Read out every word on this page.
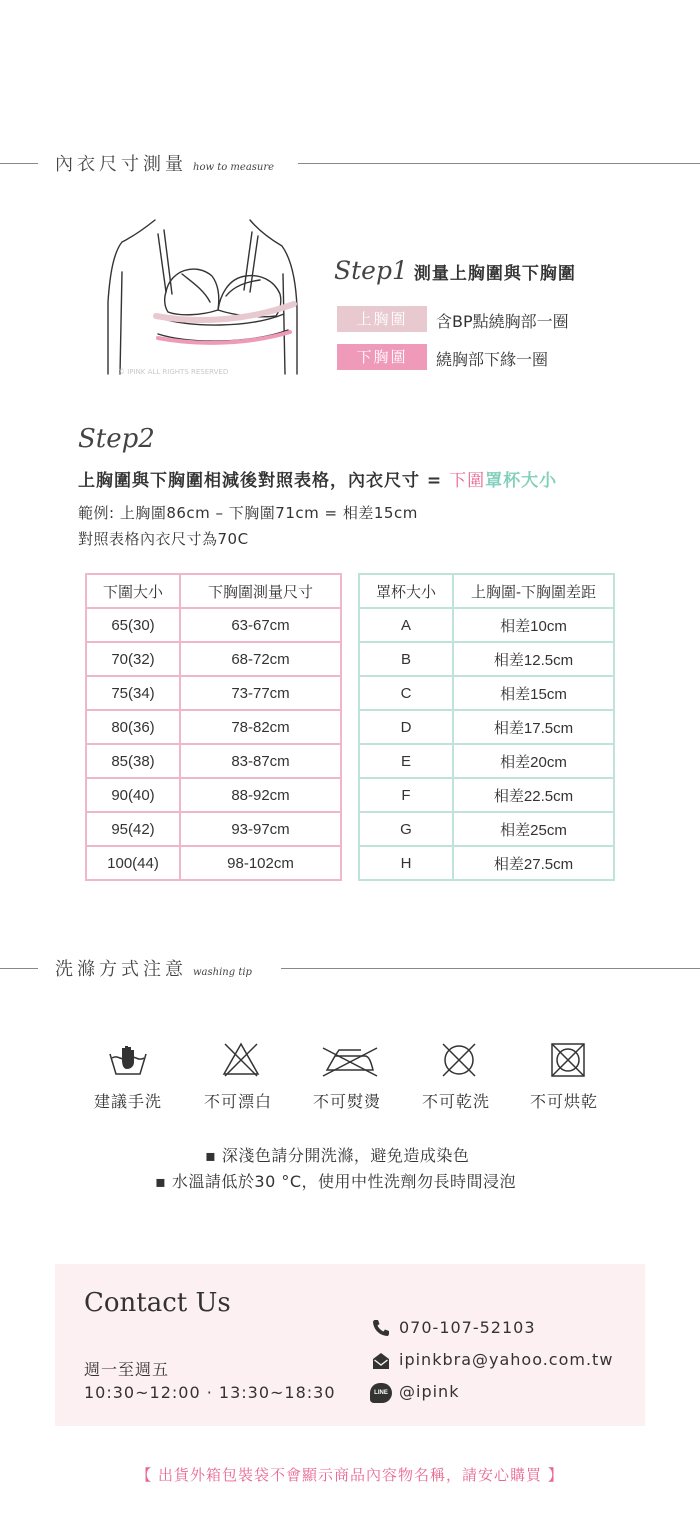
內衣尺寸測量 how to measure
© IPINK ALL RIGHTS RESERVED
Step1 測量上胸圍與下胸圍
上胸圍	含BP點繞胸部一圈
下胸圍	繞胸部下緣一圈
Step2
上胸圍與下胸圍相減後對照表格，內衣尺寸 = 下圍罩杯大小
範例: 上胸圍86cm – 下胸圍71cm = 相差15cm
對照表格內衣尺寸為70C
下圍大小	下胸圍測量尺寸
65(30)	63-67cm
70(32)	68-72cm
75(34)	73-77cm
80(36)	78-82cm
85(38)	83-87cm
90(40)	88-92cm
95(42)	93-97cm
100(44)	98-102cm
罩杯大小	上胸圍-下胸圍差距
A	相差10cm
B	相差12.5cm
C	相差15cm
D	相差17.5cm
E	相差20cm
F	相差22.5cm
G	相差25cm
H	相差27.5cm
洗滌方式注意 washing tip
建議手洗	不可漂白	不可熨燙	不可乾洗 不可烘乾
▪ 深淺色請分開洗滌，避免造成染色
▪ 水溫請低於30 °C，使用中性洗劑勿長時間浸泡
Contact Us
週一至週五
10:30~12:00 · 13:30~18:30
070-107-52103
ipinkbra@yahoo.com.tw
LINE @ipink
【 出貨外箱包裝袋不會顯示商品內容物名稱，請安心購買 】
